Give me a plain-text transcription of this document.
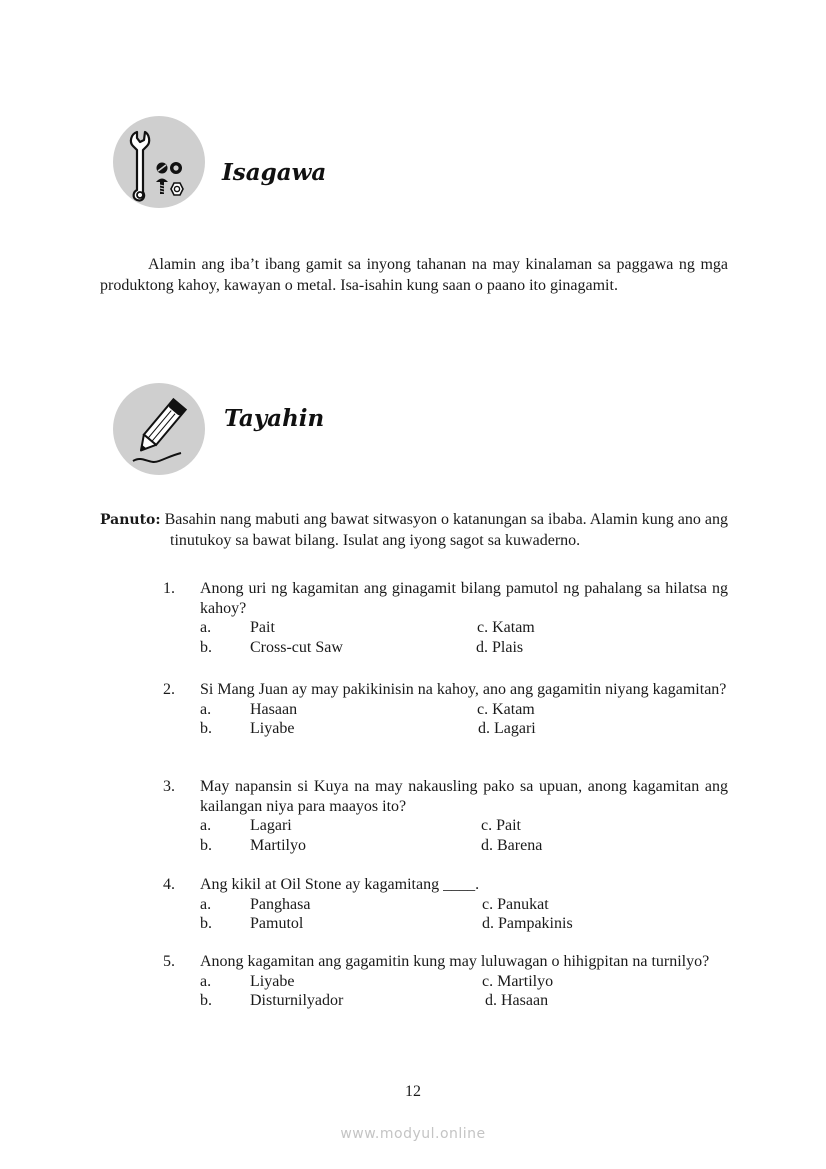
Isagawa
Alamin ang iba’t ibang gamit sa inyong tahanan na may kinalaman sa paggawa ng mga produktong kahoy, kawayan o metal. Isa-isahin kung saan o paano ito ginagamit.
Tayahin
Panuto: Basahin nang mabuti ang bawat sitwasyon o katanungan sa ibaba. Alamin kung ano ang tinutukoy sa bawat bilang. Isulat ang iyong sagot sa kuwaderno.
1. Anong uri ng kagamitan ang ginagamit bilang pamutol ng pahalang sa hilatsa ng kahoy?
a. Pait
b. Cross-cut Saw
c. Katam
d. Plais
2. Si Mang Juan ay may pakikinisin na kahoy, ano ang gagamitin niyang kagamitan?
a. Hasaan
b. Liyabe
c. Katam
d. Lagari
3. May napansin si Kuya na may nakausling pako sa upuan, anong kagamitan ang kailangan niya para maayos ito?
a. Lagari
b. Martilyo
c. Pait
d. Barena
4. Ang kikil at Oil Stone ay kagamitang ____.
a. Panghasa
b. Pamutol
c. Panukat
d. Pampakinis
5. Anong kagamitan ang gagamitin kung may luluwagan o hihigpitan na turnilyo?
a. Liyabe
b. Disturnilyador
c. Martilyo
d. Hasaan
12
www.modyul.online
